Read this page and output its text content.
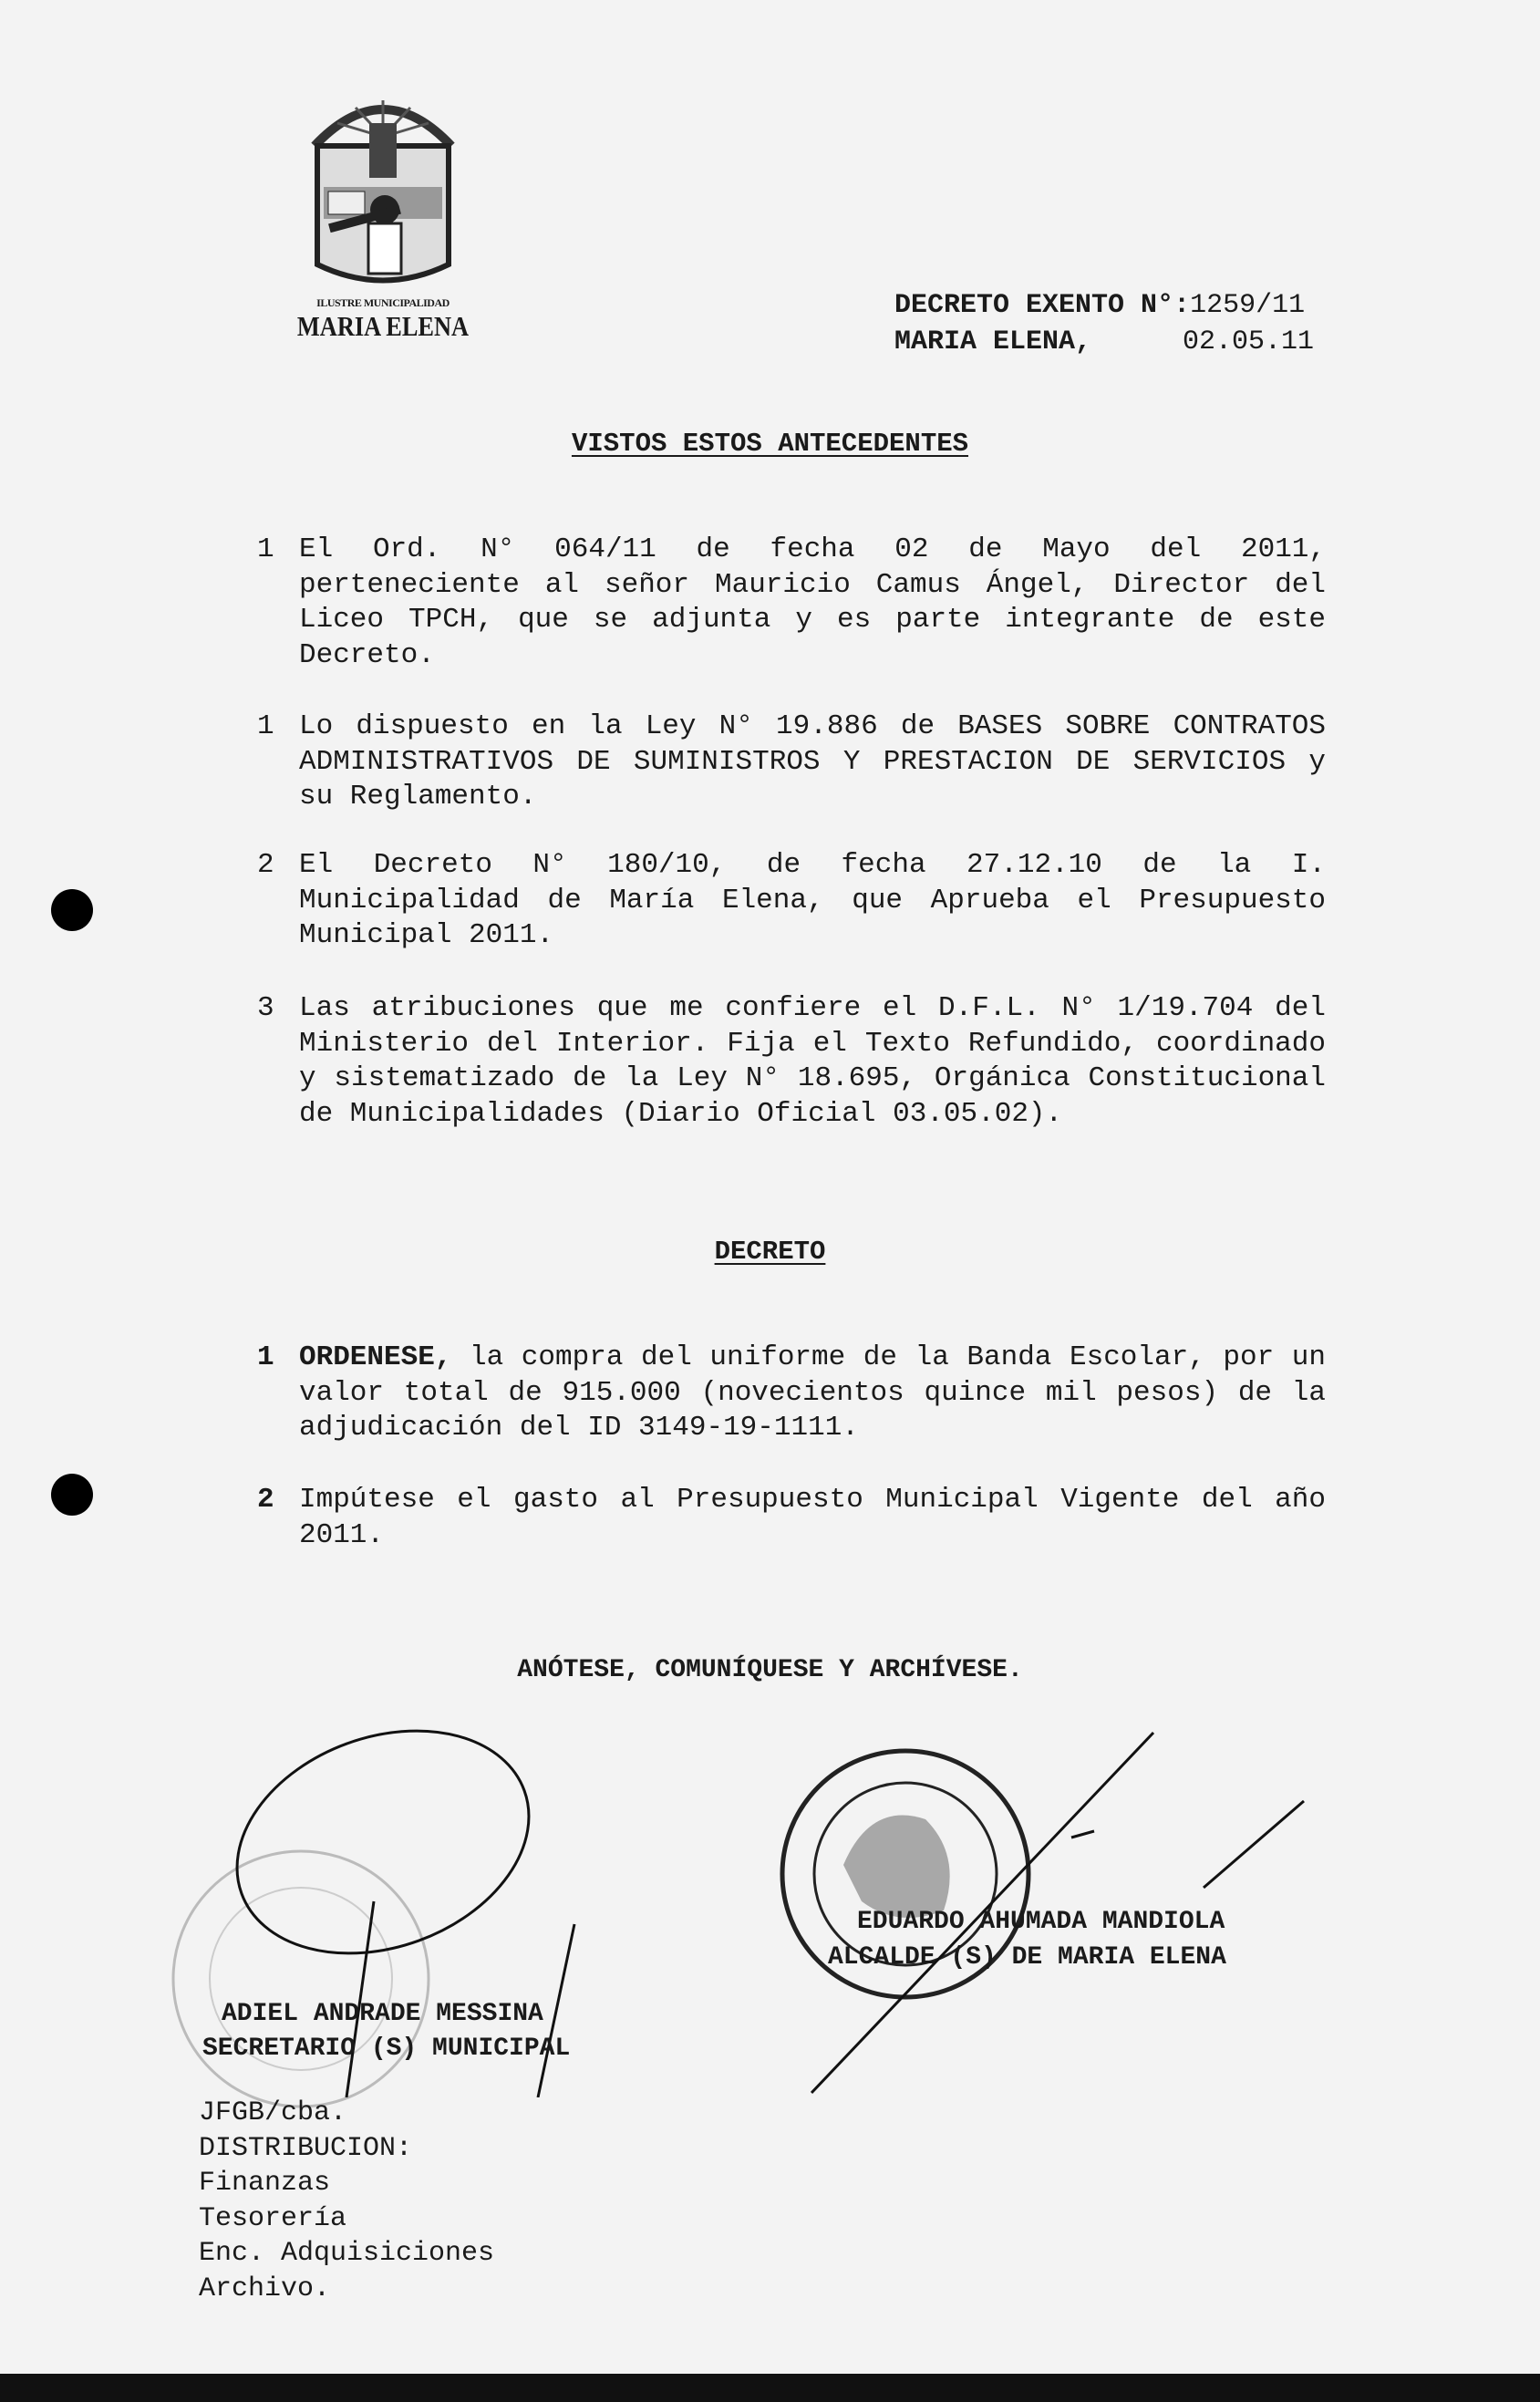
ILUSTRE MUNICIPALIDAD
MARIA ELENA

DECRETO EXENTO N°:1259/11

MARIA ELENA,	02.05.11

VISTOS ESTOS ANTECEDENTES
1 El Ord. N° 064/11 de fecha 02 de Mayo del 2011, perteneciente al señor Mauricio Camus Ángel, Director del Liceo TPCH, que se adjunta y es parte integrante de este Decreto.
1 Lo dispuesto en la Ley N° 19.886 de BASES SOBRE CONTRATOS ADMINISTRATIVOS DE SUMINISTROS Y PRESTACION DE SERVICIOS y su Reglamento.
2 El Decreto N° 180/10, de fecha 27.12.10 de la I. Municipalidad de María Elena, que Aprueba el Presupuesto Municipal 2011.
3 Las atribuciones que me confiere el D.F.L. N° 1/19.704 del Ministerio del Interior. Fija el Texto Refundido, coordinado y sistematizado de la Ley N° 18.695, Orgánica Constitucional de Municipalidades (Diario Oficial 03.05.02).
DECRETO
1 ORDENESE, la compra del uniforme de la Banda Escolar, por un valor total de 915.000 (novecientos quince mil pesos) de la adjudicación del ID 3149-19-1111.
2 Impútese el gasto al Presupuesto Municipal Vigente del año 2011.
ANÓTESE, COMUNÍQUESE Y ARCHÍVESE.
EDUARDO AHUMADA MANDIOLA
ALCALDE (S) DE MARIA ELENA
ADIEL ANDRADE MESSINA
SECRETARIO (S) MUNICIPAL
JFGB/cba.
DISTRIBUCION:
Finanzas
Tesorería
Enc. Adquisiciones
Archivo.
